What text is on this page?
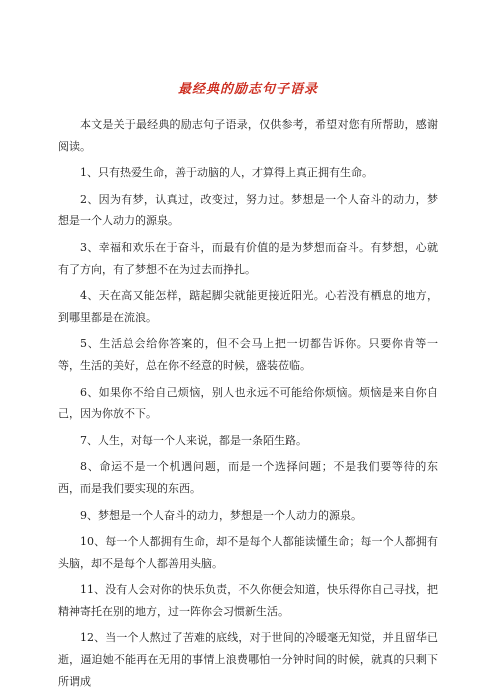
最经典的励志句子语录

本文是关于最经典的励志句子语录，仅供参考，希望对您有所帮助，感谢阅读。

1、只有热爱生命，善于动脑的人，才算得上真正拥有生命。

2、因为有梦，认真过，改变过，努力过。梦想是一个人奋斗的动力，梦想是一个人动力的源泉。

3、幸福和欢乐在于奋斗，而最有价值的是为梦想而奋斗。有梦想，心就有了方向，有了梦想不在为过去而挣扎。

4、天在高又能怎样，踮起脚尖就能更接近阳光。心若没有栖息的地方，到哪里都是在流浪。

5、生活总会给你答案的，但不会马上把一切都告诉你。只要你肯等一等，生活的美好，总在你不经意的时候，盛装莅临。

6、如果你不给自己烦恼，别人也永远不可能给你烦恼。烦恼是来自你自己，因为你放不下。

7、人生，对每一个人来说，都是一条陌生路。

8、命运不是一个机遇问题，而是一个选择问题；不是我们要等待的东西，而是我们要实现的东西。

9、梦想是一个人奋斗的动力，梦想是一个人动力的源泉。

10、每一个人都拥有生命，却不是每个人都能读懂生命；每一个人都拥有头脑，却不是每个人都善用头脑。

11、没有人会对你的快乐负责，不久你便会知道，快乐得你自己寻找，把精神寄托在别的地方，过一阵你会习惯新生活。

12、当一个人熬过了苦难的底线，对于世间的冷暖毫无知觉，并且留华已逝，逼迫她不能再在无用的事情上浪费哪怕一分钟时间的时候，就真的只剩下所谓成
